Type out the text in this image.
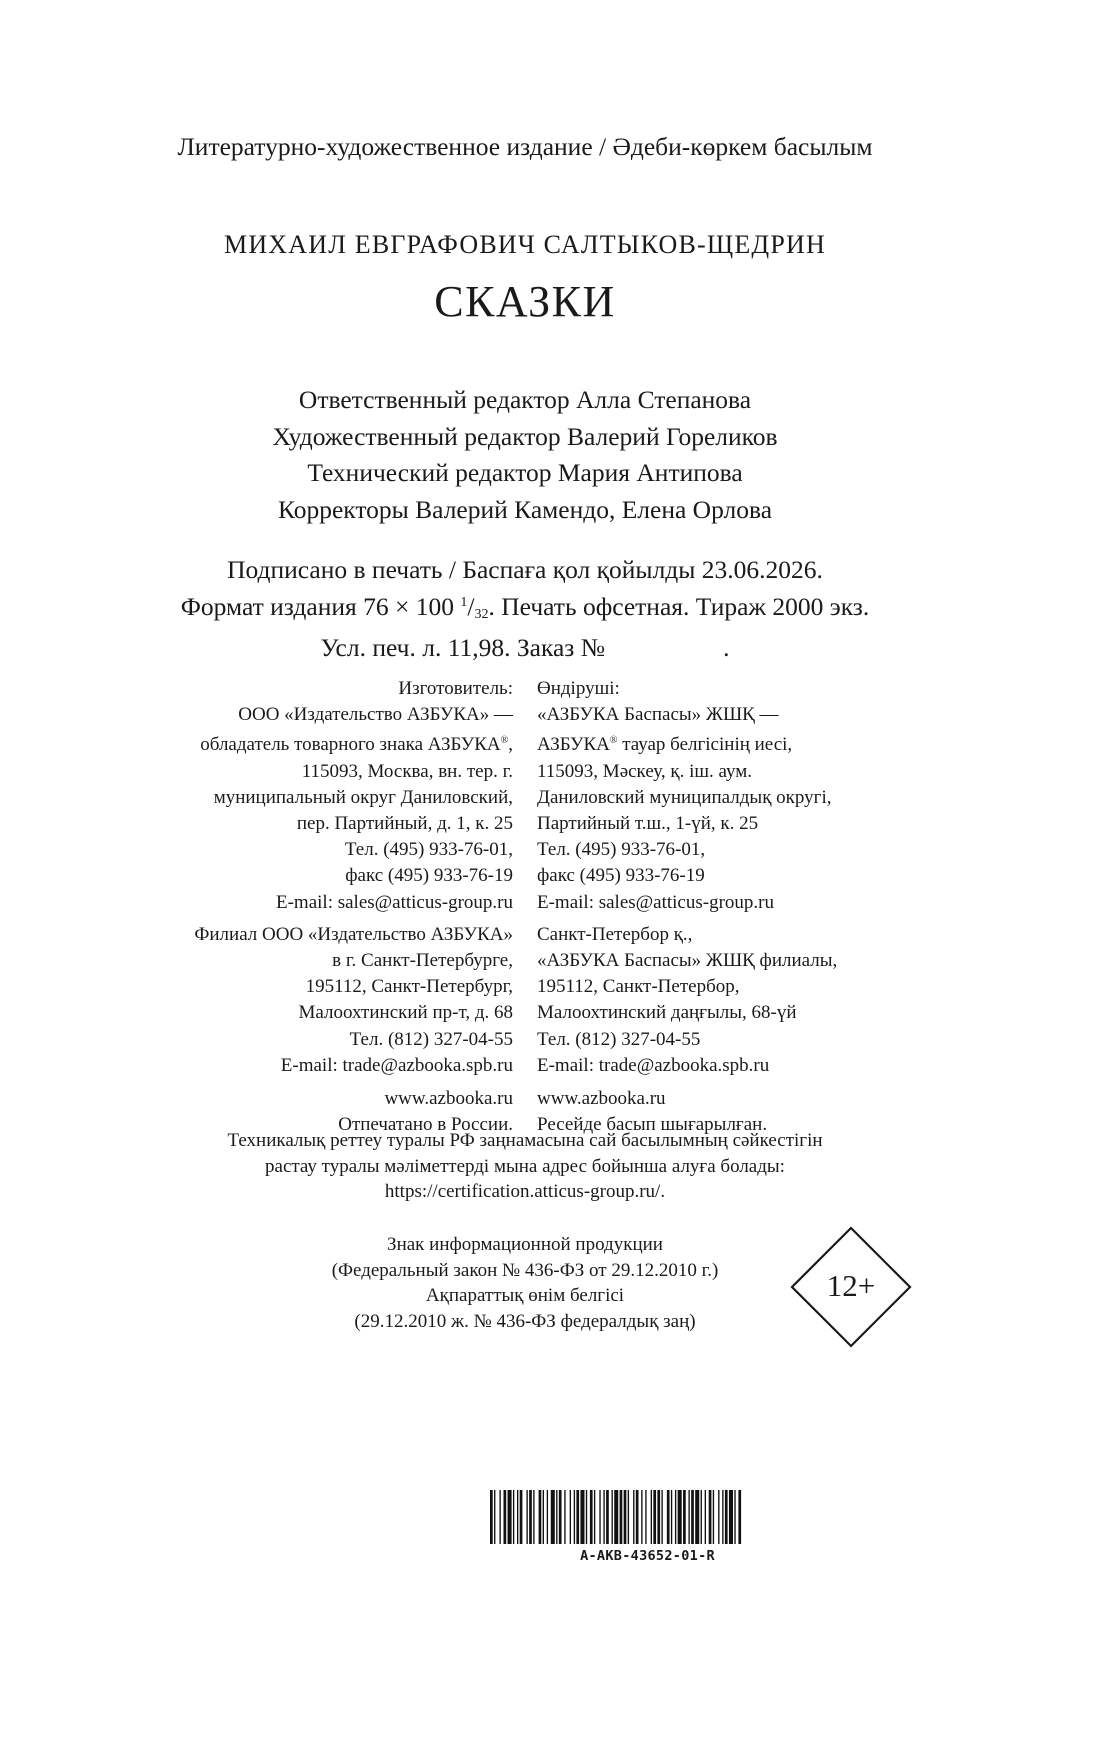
Литературно-художественное издание / Әдеби-көркем басылым
МИХАИЛ ЕВГРАФОВИЧ САЛТЫКОВ-ЩЕДРИН
СКАЗКИ
Ответственный редактор Алла Степанова
Художественный редактор Валерий Гореликов
Технический редактор Мария Антипова
Корректоры Валерий Камендо, Елена Орлова
Подписано в печать / Баспаға қол қойылды 23.06.2026.
Формат издания 76 × 100 $^1/_{32}$. Печать офсетная. Тираж 2000 экз.
Усл. печ. л. 11,98. Заказ №	.
Изготовитель:
ООО «Издательство АЗБУКА» —
обладатель товарного знака АЗБУКА®,
115093, Москва, вн. тер. г.
муниципальный округ Даниловский,
пер. Партийный, д. 1, к. 25
Тел. (495) 933-76-01,
факс (495) 933-76-19
E-mail: sales@atticus-group.ru
Филиал ООО «Издательство АЗБУКА»
в г. Санкт-Петербурге,
195112, Санкт-Петербург,
Малоохтинский пр-т, д. 68
Тел. (812) 327-04-55
E-mail: trade@azbooka.spb.ru
www.azbooka.ru
Отпечатано в России.
Өндіруші:
«АЗБУКА Баспасы» ЖШҚ —
АЗБУКА® тауар белгісінің иесі,
115093, Мәскеу, қ. іш. аум.
Даниловский муниципалдық округі,
Партийный т.ш., 1-үй, к. 25
Тел. (495) 933-76-01,
факс (495) 933-76-19
E-mail: sales@atticus-group.ru
Санкт-Петербор қ.,
«АЗБУКА Баспасы» ЖШҚ филиалы,
195112, Санкт-Петербор,
Малоохтинский даңғылы, 68-үй
Тел. (812) 327-04-55
E-mail: trade@azbooka.spb.ru
www.azbooka.ru
Ресейде басып шығарылған.
Техникалық реттеу туралы РФ заңнамасына сай басылымның сәйкестігін
растау туралы мәліметтерді мына адрес бойынша алуға болады:
https://certification.atticus-group.ru/.
Знак информационной продукции
(Федеральный закон № 436-ФЗ от 29.12.2010 г.)
Ақпараттық өнім белгісі
(29.12.2010 ж. № 436-ФЗ федералдық заң)
12+
A-AKB-43652-01-R
